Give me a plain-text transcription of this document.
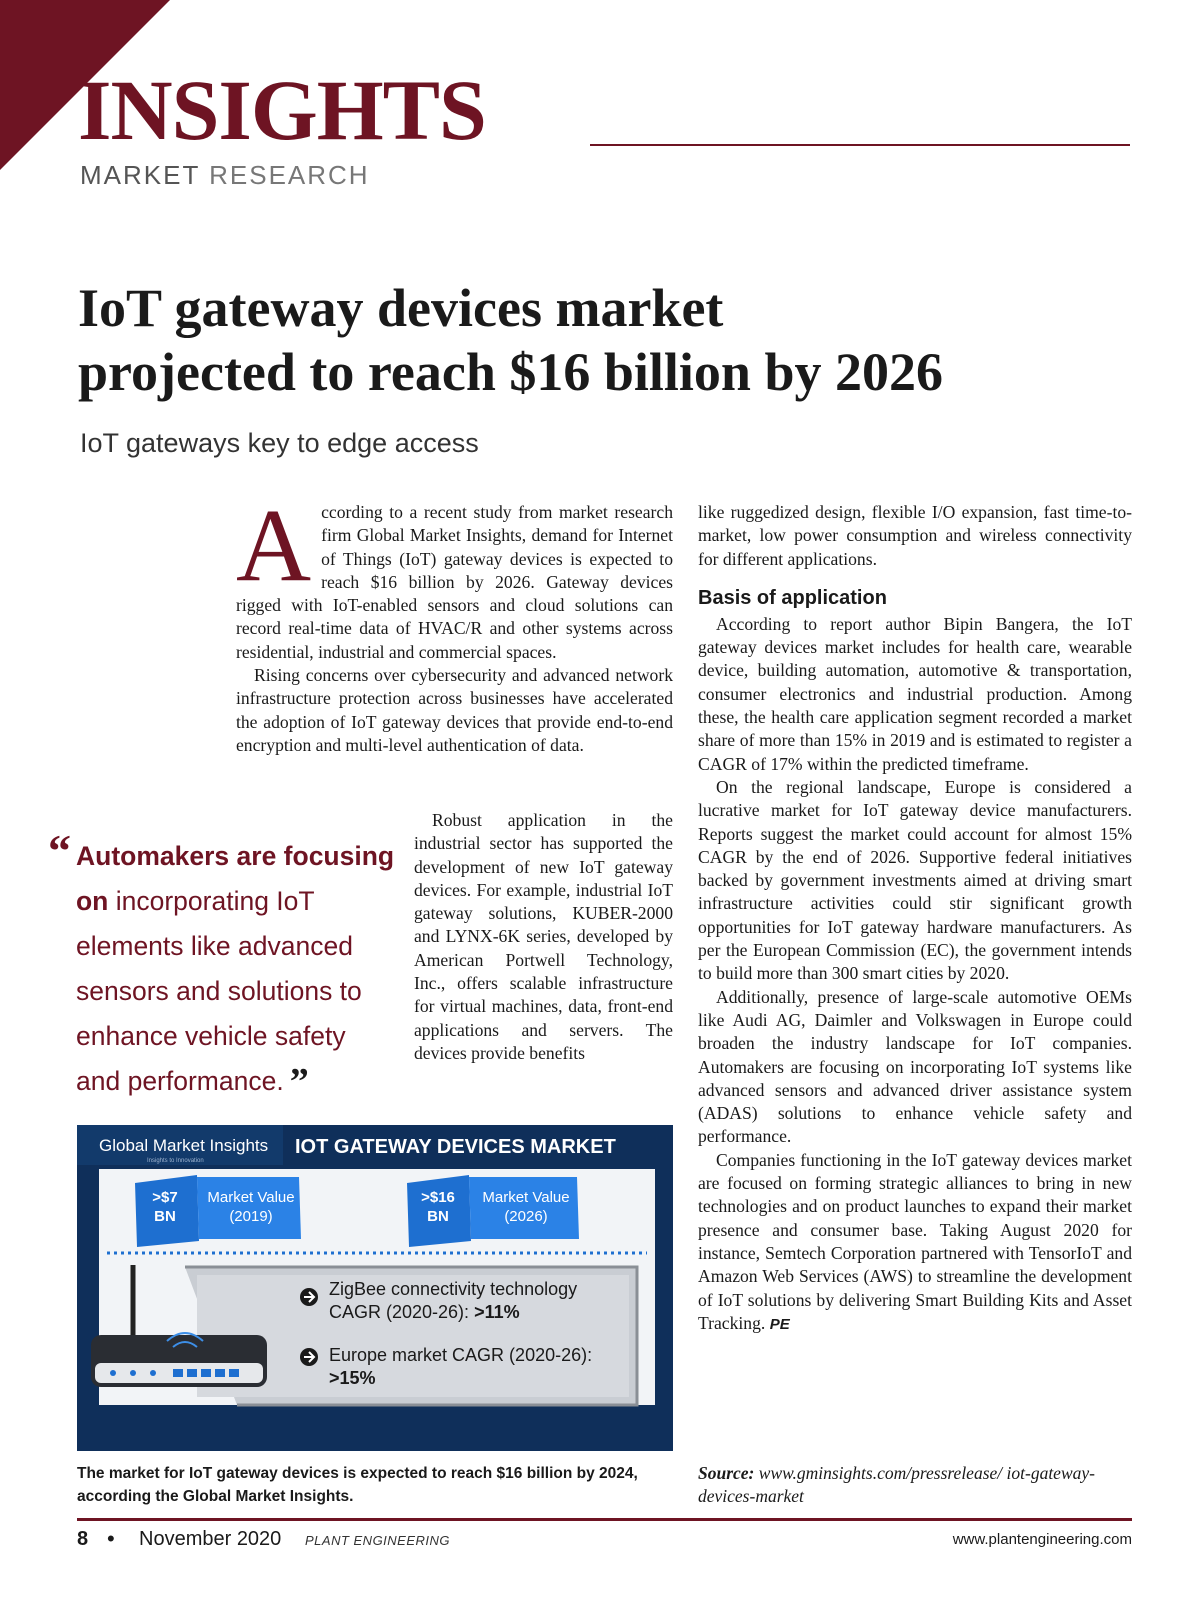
INSIGHTS
MARKET RESEARCH
IoT gateway devices market
projected to reach $16 billion by 2026
IoT gateways key to edge access

According to a recent study from market research firm Global Market Insights, demand for Internet of Things (IoT) gateway devices is expected to reach $16 billion by 2026. Gateway devices rigged with IoT-enabled sensors and cloud solutions can record real-time data of HVAC/R and other systems across residential, industrial and commercial spaces.

Rising concerns over cybersecurity and advanced network infrastructure protection across businesses have accelerated the adoption of IoT gateway devices that provide end-to-end encryption and multi-level authentication of data.

Robust application in the industrial sector has supported the development of new IoT gateway devices. For example, industrial IoT gateway solutions, KUBER-2000 and LYNX-6K series, developed by American Portwell Technology, Inc., offers scalable infrastructure for virtual machines, data, front-end applications and servers. The devices provide benefits

“ Automakers are focusing on incorporating IoT elements like advanced sensors and solutions to enhance vehicle safety and performance. ”

like ruggedized design, flexible I/O expansion, fast time-to-market, low power consumption and wireless connectivity for different applications.

Basis of application

According to report author Bipin Bangera, the IoT gateway devices market includes for health care, wearable device, building automation, automotive & transportation, consumer electronics and industrial production. Among these, the health care application segment recorded a market share of more than 15% in 2019 and is estimated to register a CAGR of 17% within the predicted timeframe.

On the regional landscape, Europe is considered a lucrative market for IoT gateway device manufacturers. Reports suggest the market could account for almost 15% CAGR by the end of 2026. Supportive federal initiatives backed by government investments aimed at driving smart infrastructure activities could stir significant growth opportunities for IoT gateway hardware manufacturers. As per the European Commission (EC), the government intends to build more than 300 smart cities by 2020.

Additionally, presence of large-scale automotive OEMs like Audi AG, Daimler and Volkswagen in Europe could broaden the industry landscape for IoT companies. Automakers are focusing on incorporating IoT systems like advanced sensors and advanced driver assistance system (ADAS) solutions to enhance vehicle safety and performance.

Companies functioning in the IoT gateway devices market are focused on forming strategic alliances to bring in new technologies and on product launches to expand their market presence and consumer base. Taking August 2020 for instance, Semtech Corporation partnered with TensorIoT and Amazon Web Services (AWS) to streamline the development of IoT solutions by delivering Smart Building Kits and Asset Tracking. PE

Global Market Insights
Insights to Innovation
IOT GATEWAY DEVICES MARKET
>$7
BN
Market Value
(2019)
>$16
BN
Market Value
(2026)
ZigBee connectivity technology
CAGR (2020-26): >11%
Europe market CAGR (2020-26):
>15%
The market for IoT gateway devices is expected to reach $16 billion by 2024, according the Global Market Insights.
Source: www.gminsights.com/pressrelease/ iot-gateway-devices-market
8 • November 2020 PLANT ENGINEERING	www.plantengineering.com
